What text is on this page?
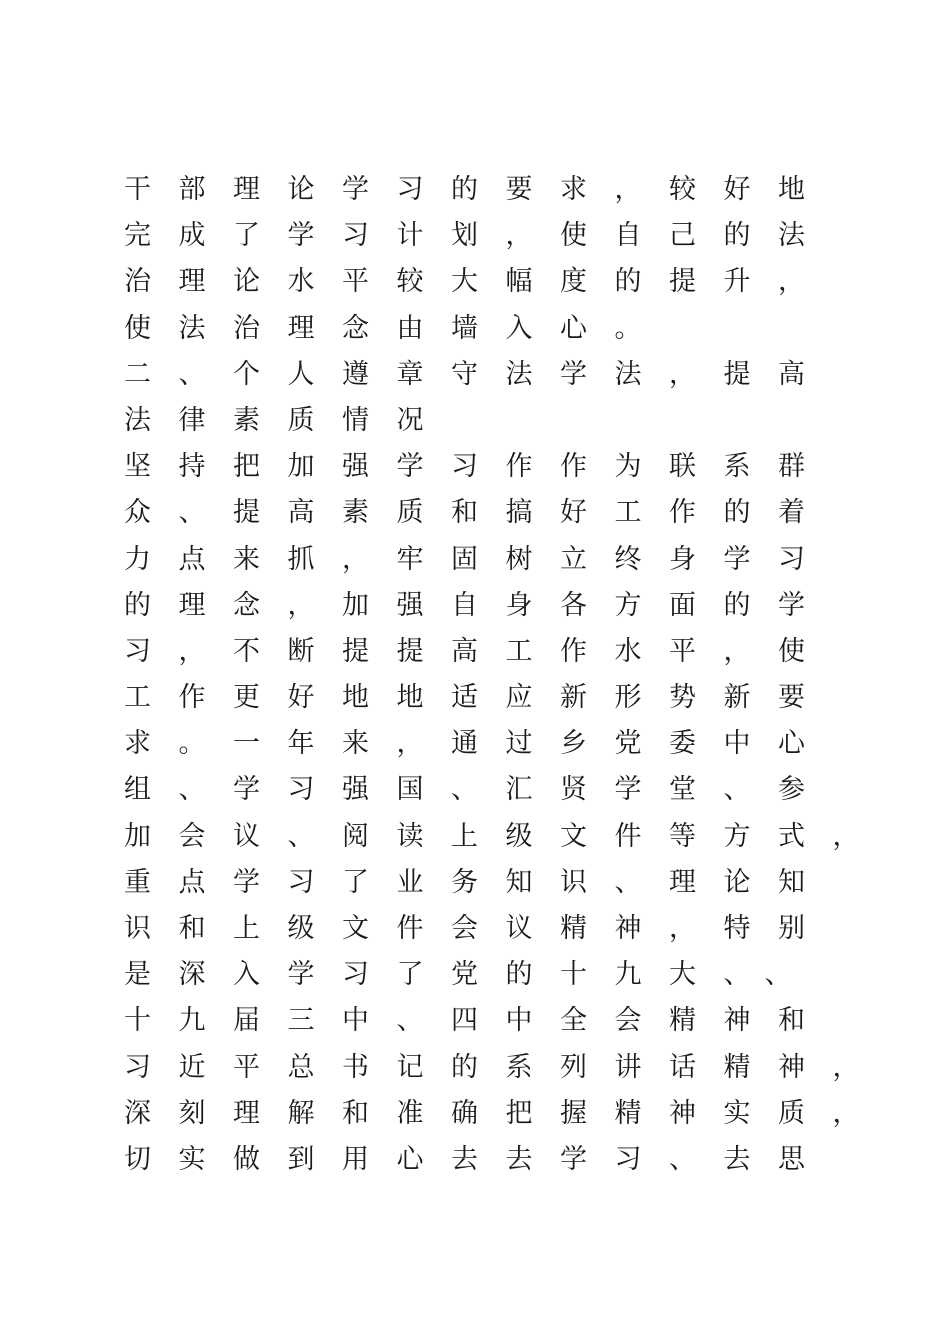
干部理论学习的要求，较好地
完成了学习计划，使自己的法
治理论水平较大幅度的提升，
使法治理念由墙入心。
二、个人遵章守法学法，提高
法律素质情况
坚持把加强学习作作为联系群
众、提高素质和搞好工作的着
力点来抓，牢固树立终身学习
的理念，加强自身各方面的学
习，不断提提高工作水平，使
工作更好地地适应新形势新要
求。一年来，通过乡党委中心
组、学习强国、汇贤学堂、参
加会议、阅读上级文件等方式，
重点学习了业务知识、理论知
识和上级文件会议精神，特别
是深入学习了党的十九大、、
十九届三中、四中全会精神和
习近平总书记的系列讲话精神，
深刻理解和准确把握精神实质，
切实做到用心去去学习、去思
